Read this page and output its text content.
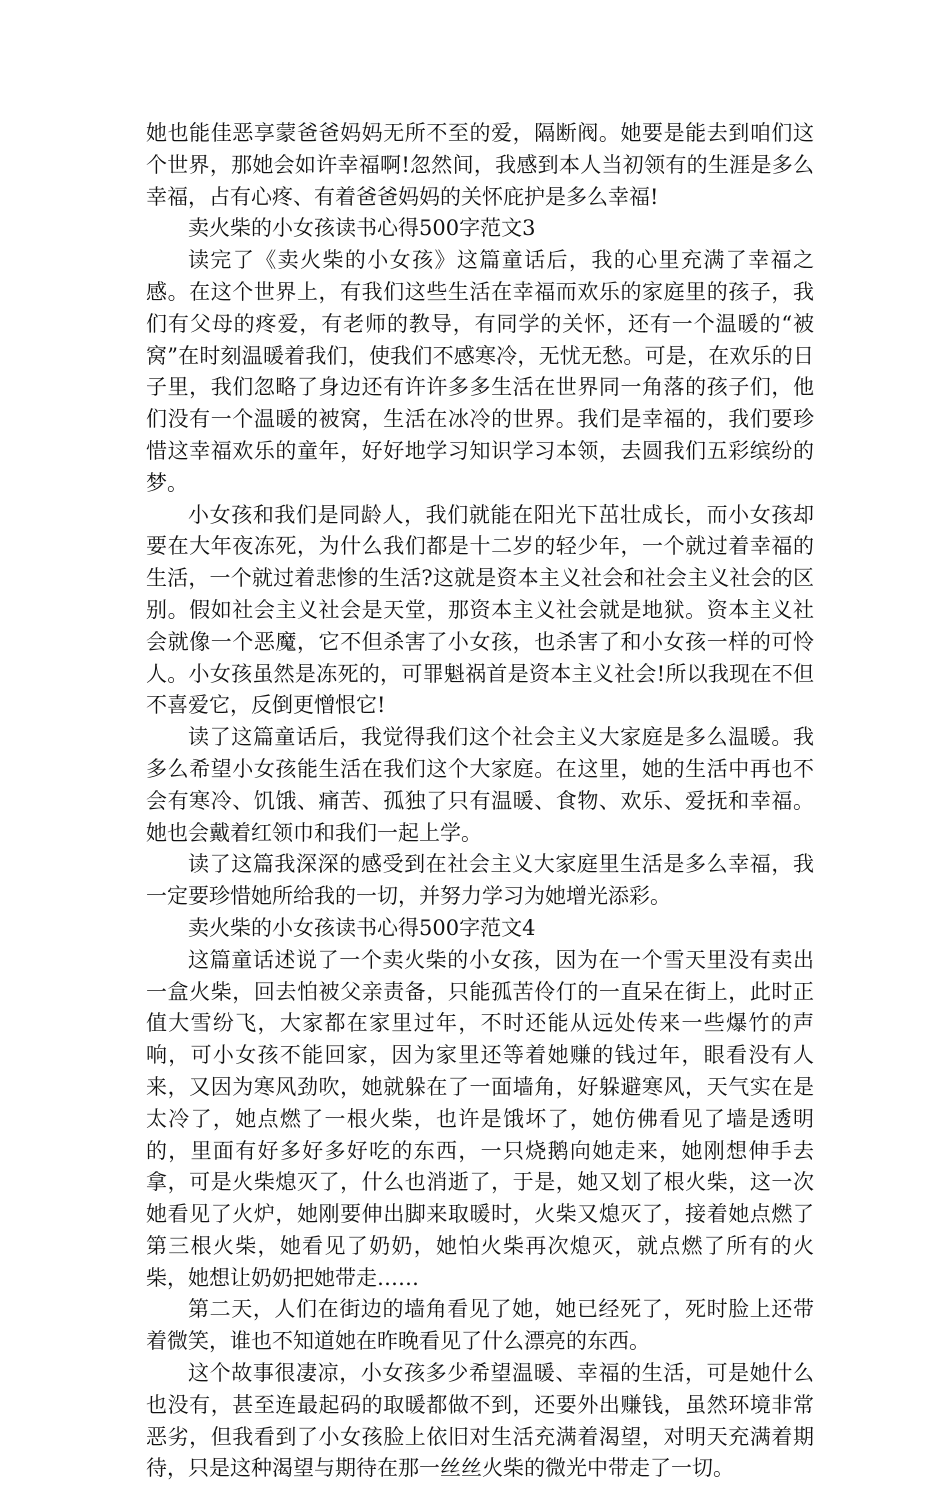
她也能佳恶享蒙爸爸妈妈无所不至的爱，隔断阀。她要是能去到咱们这个世界，那她会如许幸福啊!忽然间，我感到本人当初领有的生涯是多么幸福，占有心疼、有着爸爸妈妈的关怀庇护是多么幸福!

卖火柴的小女孩读书心得500字范文3

读完了《卖火柴的小女孩》这篇童话后，我的心里充满了幸福之感。在这个世界上，有我们这些生活在幸福而欢乐的家庭里的孩子，我们有父母的疼爱，有老师的教导，有同学的关怀，还有一个温暖的“被窝”在时刻温暖着我们，使我们不感寒冷，无忧无愁。可是，在欢乐的日子里，我们忽略了身边还有许许多多生活在世界同一角落的孩子们，他们没有一个温暖的被窝，生活在冰冷的世界。我们是幸福的，我们要珍惜这幸福欢乐的童年，好好地学习知识学习本领，去圆我们五彩缤纷的梦。

小女孩和我们是同龄人，我们就能在阳光下茁壮成长，而小女孩却要在大年夜冻死，为什么我们都是十二岁的轻少年，一个就过着幸福的生活，一个就过着悲惨的生活?这就是资本主义社会和社会主义社会的区别。假如社会主义社会是天堂，那资本主义社会就是地狱。资本主义社会就像一个恶魔，它不但杀害了小女孩，也杀害了和小女孩一样的可怜人。小女孩虽然是冻死的，可罪魁祸首是资本主义社会!所以我现在不但不喜爱它，反倒更憎恨它!

读了这篇童话后，我觉得我们这个社会主义大家庭是多么温暖。我多么希望小女孩能生活在我们这个大家庭。在这里，她的生活中再也不会有寒冷、饥饿、痛苦、孤独了只有温暖、食物、欢乐、爱抚和幸福。她也会戴着红领巾和我们一起上学。

读了这篇我深深的感受到在社会主义大家庭里生活是多么幸福，我一定要珍惜她所给我的一切，并努力学习为她增光添彩。

卖火柴的小女孩读书心得500字范文4

这篇童话述说了一个卖火柴的小女孩，因为在一个雪天里没有卖出一盒火柴，回去怕被父亲责备，只能孤苦伶仃的一直呆在街上，此时正值大雪纷飞，大家都在家里过年，不时还能从远处传来一些爆竹的声响，可小女孩不能回家，因为家里还等着她赚的钱过年，眼看没有人来，又因为寒风劲吹，她就躲在了一面墙角，好躲避寒风，天气实在是太冷了，她点燃了一根火柴，也许是饿坏了，她仿佛看见了墙是透明的，里面有好多好多好吃的东西，一只烧鹅向她走来，她刚想伸手去拿，可是火柴熄灭了，什么也消逝了，于是，她又划了根火柴，这一次她看见了火炉，她刚要伸出脚来取暖时，火柴又熄灭了，接着她点燃了第三根火柴，她看见了奶奶，她怕火柴再次熄灭，就点燃了所有的火柴，她想让奶奶把她带走……

第二天，人们在街边的墙角看见了她，她已经死了，死时脸上还带着微笑，谁也不知道她在昨晚看见了什么漂亮的东西。

这个故事很凄凉，小女孩多少希望温暖、幸福的生活，可是她什么也没有，甚至连最起码的取暖都做不到，还要外出赚钱，虽然环境非常恶劣，但我看到了小女孩脸上依旧对生活充满着渴望，对明天充满着期待，只是这种渴望与期待在那一丝丝火柴的微光中带走了一切。
